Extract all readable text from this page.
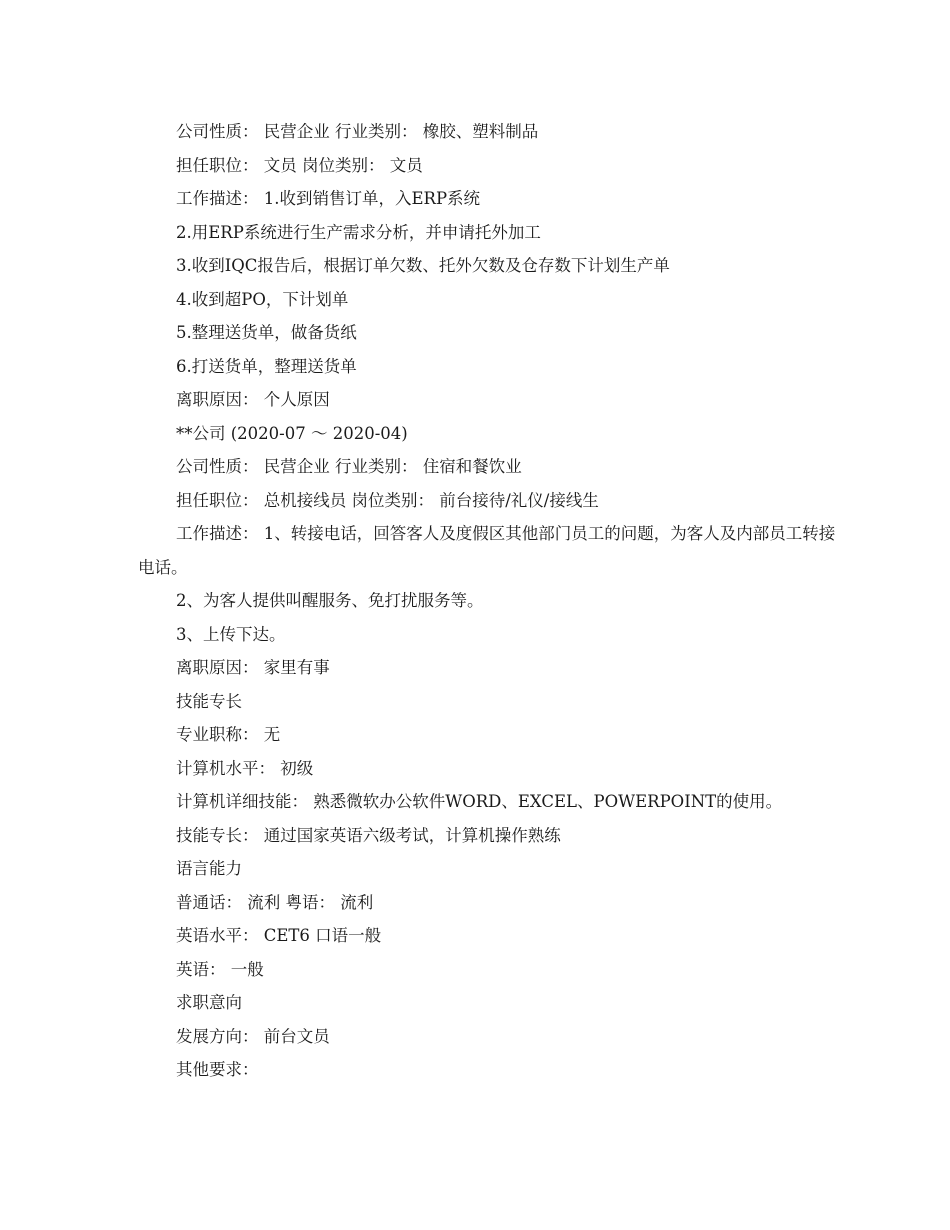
公司性质： 民营企业 行业类别： 橡胶、塑料制品
担任职位： 文员 岗位类别： 文员
工作描述： 1.收到销售订单，入ERP系统
2.用ERP系统进行生产需求分析，并申请托外加工
3.收到IQC报告后，根据订单欠数、托外欠数及仓存数下计划生产单
4.收到超PO，下计划单
5.整理送货单，做备货纸
6.打送货单，整理送货单
离职原因： 个人原因
**公司 (2020-07 ～ 2020-04)
公司性质： 民营企业 行业类别： 住宿和餐饮业
担任职位： 总机接线员 岗位类别： 前台接待/礼仪/接线生
工作描述： 1、转接电话，回答客人及度假区其他部门员工的问题，为客人及内部员工转接电话。
2、为客人提供叫醒服务、免打扰服务等。
3、上传下达。
离职原因： 家里有事
技能专长
专业职称： 无
计算机水平： 初级
计算机详细技能： 熟悉微软办公软件WORD、EXCEL、POWERPOINT的使用。
技能专长： 通过国家英语六级考试，计算机操作熟练
语言能力
普通话： 流利 粤语： 流利
英语水平： CET6 口语一般
英语： 一般
求职意向
发展方向： 前台文员
其他要求：
